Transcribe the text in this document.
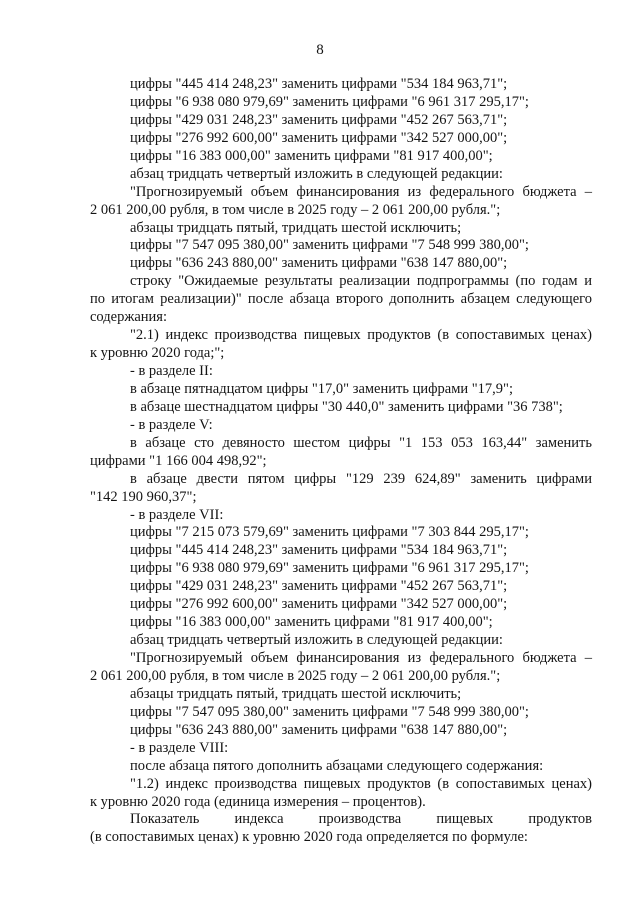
8
цифры "445 414 248,23" заменить цифрами "534 184 963,71";
цифры "6 938 080 979,69" заменить цифрами "6 961 317 295,17";
цифры "429 031 248,23" заменить цифрами "452 267 563,71";
цифры "276 992 600,00" заменить цифрами "342 527 000,00";
цифры "16 383 000,00" заменить цифрами "81 917 400,00";
абзац тридцать четвертый изложить в следующей редакции:
"Прогнозируемый объем финансирования из федерального бюджета –
2 061 200,00 рубля, в том числе в 2025 году – 2 061 200,00 рубля.";
абзацы тридцать пятый, тридцать шестой исключить;
цифры "7 547 095 380,00" заменить цифрами "7 548 999 380,00";
цифры "636 243 880,00" заменить цифрами "638 147 880,00";
строку "Ожидаемые результаты реализации подпрограммы (по годам и
по итогам реализации)" после абзаца второго дополнить абзацем следующего
содержания:
"2.1) индекс производства пищевых продуктов (в сопоставимых ценах)
к уровню 2020 года;";
- в разделе II:
в абзаце пятнадцатом цифры "17,0" заменить цифрами "17,9";
в абзаце шестнадцатом цифры "30 440,0" заменить цифрами "36 738";
- в разделе V:
в абзаце сто девяносто шестом цифры "1 153 053 163,44" заменить
цифрами "1 166 004 498,92";
в абзаце двести пятом цифры "129 239 624,89" заменить цифрами
"142 190 960,37";
- в разделе VII:
цифры "7 215 073 579,69" заменить цифрами "7 303 844 295,17";
цифры "445 414 248,23" заменить цифрами "534 184 963,71";
цифры "6 938 080 979,69" заменить цифрами "6 961 317 295,17";
цифры "429 031 248,23" заменить цифрами "452 267 563,71";
цифры "276 992 600,00" заменить цифрами "342 527 000,00";
цифры "16 383 000,00" заменить цифрами "81 917 400,00";
абзац тридцать четвертый изложить в следующей редакции:
"Прогнозируемый объем финансирования из федерального бюджета –
2 061 200,00 рубля, в том числе в 2025 году – 2 061 200,00 рубля.";
абзацы тридцать пятый, тридцать шестой исключить;
цифры "7 547 095 380,00" заменить цифрами "7 548 999 380,00";
цифры "636 243 880,00" заменить цифрами "638 147 880,00";
- в разделе VIII:
после абзаца пятого дополнить абзацами следующего содержания:
"1.2) индекс производства пищевых продуктов (в сопоставимых ценах)
к уровню 2020 года (единица измерения – процентов).
Показатель индекса производства пищевых продуктов
(в сопоставимых ценах) к уровню 2020 года определяется по формуле:
